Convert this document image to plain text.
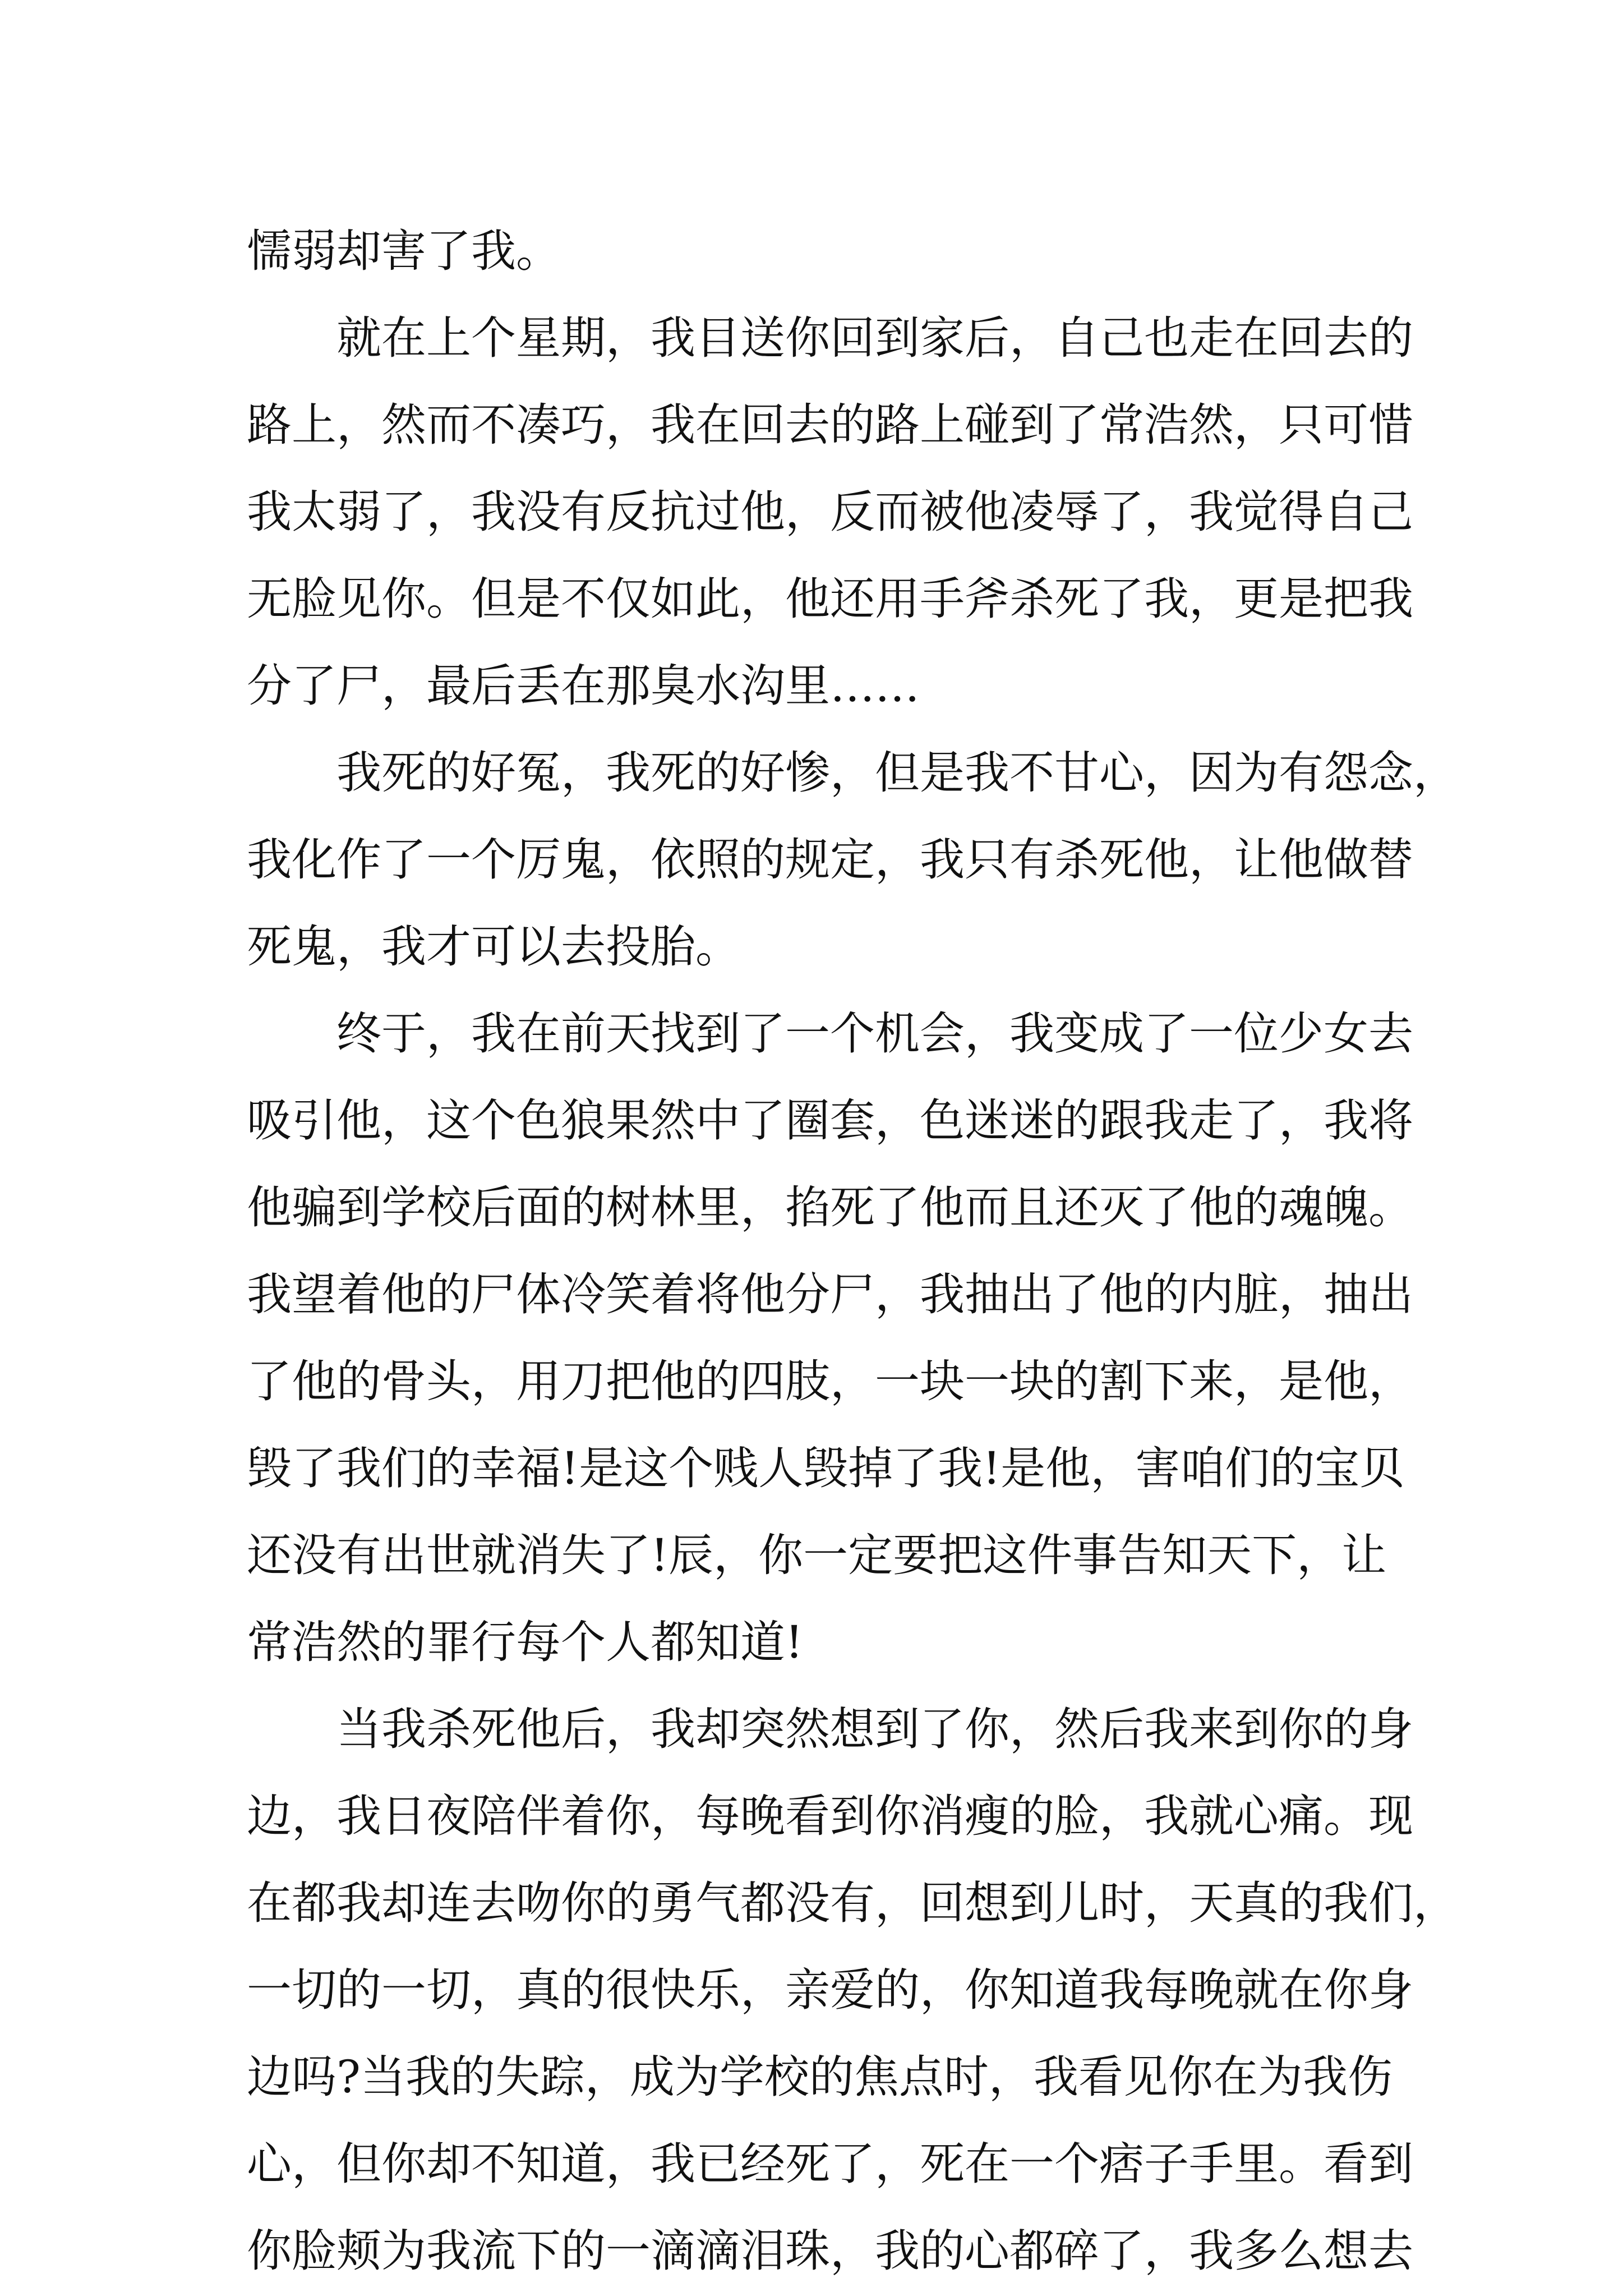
懦弱却害了我。
就在上个星期，我目送你回到家后，自己也走在回去的
路上，然而不凑巧，我在回去的路上碰到了常浩然，只可惜
我太弱了，我没有反抗过他，反而被他凌辱了，我觉得自己
无脸见你。但是不仅如此，他还用手斧杀死了我，更是把我
分了尸，最后丢在那臭水沟里……
我死的好冤，我死的好惨，但是我不甘心，因为有怨念，
我化作了一个厉鬼，依照的规定，我只有杀死他，让他做替
死鬼，我才可以去投胎。
终于，我在前天找到了一个机会，我变成了一位少女去
吸引他，这个色狼果然中了圈套，色迷迷的跟我走了，我将
他骗到学校后面的树林里，掐死了他而且还灭了他的魂魄。
我望着他的尸体冷笑着将他分尸，我抽出了他的内脏，抽出
了他的骨头，用刀把他的四肢，一块一块的割下来，是他，
毁了我们的幸福!是这个贱人毁掉了我!是他，害咱们的宝贝
还没有出世就消失了!辰，你一定要把这件事告知天下，让
常浩然的罪行每个人都知道!
当我杀死他后，我却突然想到了你，然后我来到你的身
边，我日夜陪伴着你，每晚看到你消瘦的脸，我就心痛。现
在都我却连去吻你的勇气都没有，回想到儿时，天真的我们，
一切的一切，真的很快乐，亲爱的，你知道我每晚就在你身
边吗?当我的失踪，成为学校的焦点时，我看见你在为我伤
心，但你却不知道，我已经死了，死在一个痞子手里。看到
你脸颊为我流下的一滴滴泪珠，我的心都碎了，我多么想去
